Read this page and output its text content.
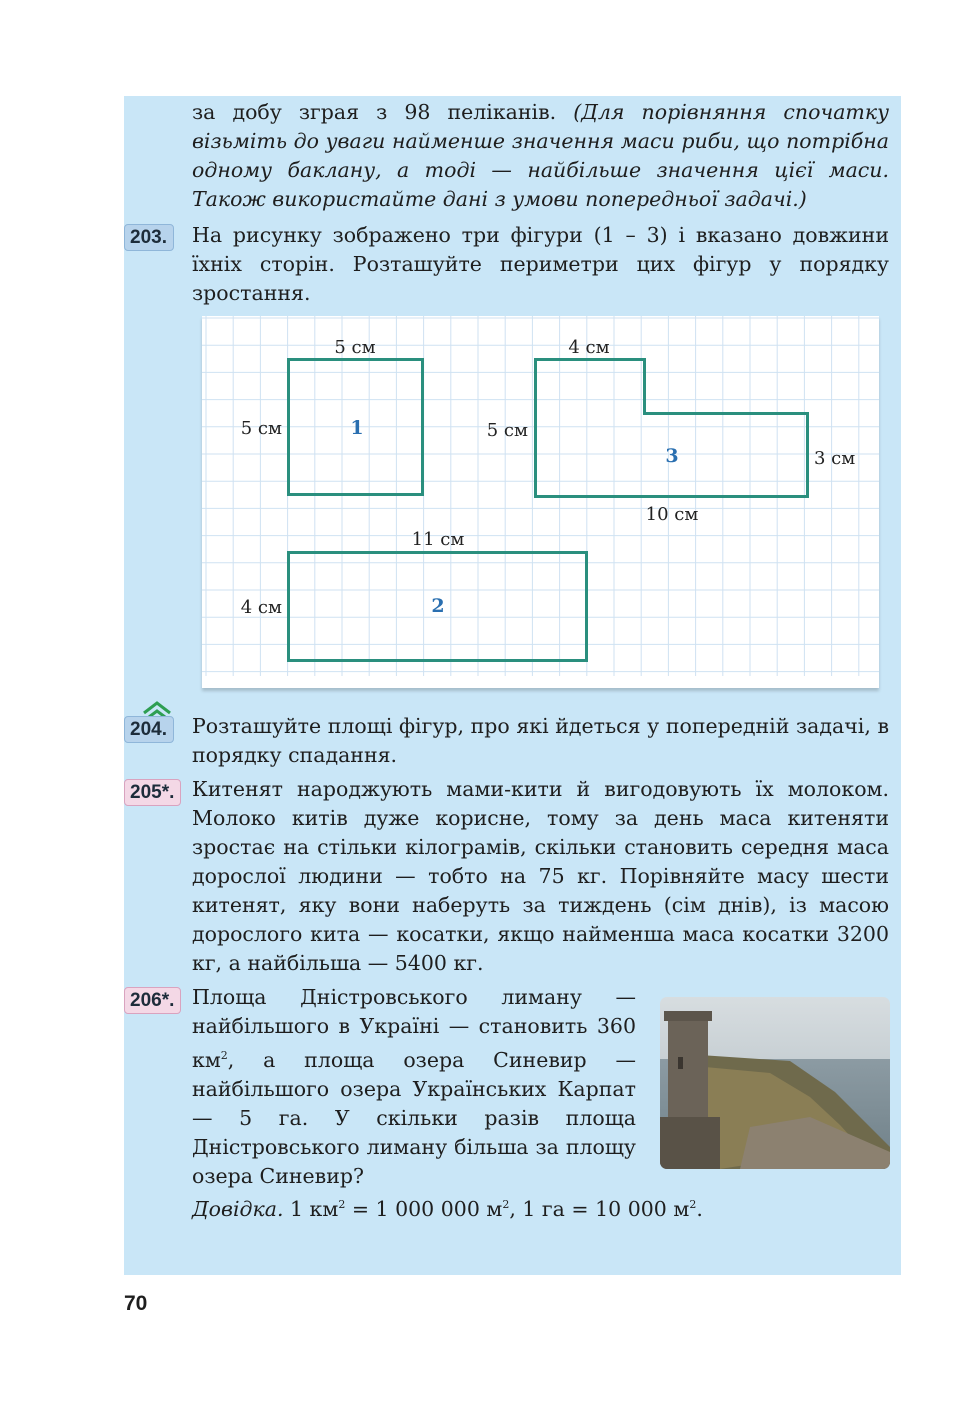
за добу зграя з 98 пеліканів. (Для порівняння спочатку візьміть до уваги найменше значення маси риби, що потрібна одному баклану, а тоді — найбільше значення цієї маси. Також використайте дані з умови попередньої задачі.)
203.	На рисунку зображено три фігури (1 – 3) і вказано довжини їхніх сторін. Розташуйте периметри цих фігур у порядку зростання.
5 см
5 см	1
4 см
5 см
3 см
10 см
3
11 см
4 см	2
204.	Розташуйте площі фігур, про які йдеться у попередній задачі, в порядку спадання.
205*. Китенят народжують мами-кити й вигодовують їх молоком. Молоко китів дуже корисне, тому за день маса китеняти зростає на стільки кілограмів, скільки становить середня маса дорослої людини — тобто на 75 кг. Порівняйте масу шести китенят, яку вони наберуть за тиждень (сім днів), із масою дорослого кита — косатки, якщо найменша маса косатки 3200 кг, а найбільша — 5400 кг.
206*. Площа Дністровського лиману — найбільшого в Україні — становить 360 $км^2$, а площа озера Синевир — найбільшого озера Українських Карпат — 5 га. У скільки разів площа Дністровського лиману більша за площу озера Синевир?
Довідка. 1 $км^2 = 1$ 000 000 $м^2$, 1 га = 10 000 $м^2$.
70
